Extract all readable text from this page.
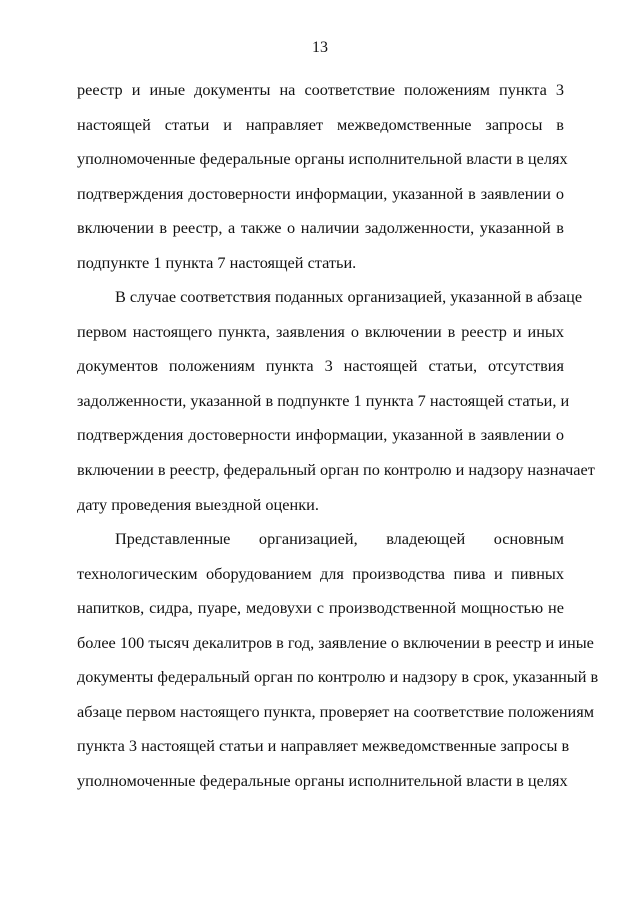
13
реестр и иные документы на соответствие положениям пункта 3
настоящей статьи и направляет межведомственные запросы в
уполномоченные федеральные органы исполнительной власти в целях
подтверждения достоверности информации, указанной в заявлении о
включении в реестр, а также о наличии задолженности, указанной в
подпункте 1 пункта 7 настоящей статьи.
В случае соответствия поданных организацией, указанной в абзаце
первом настоящего пункта, заявления о включении в реестр и иных
документов положениям пункта 3 настоящей статьи, отсутствия
задолженности, указанной в подпункте 1 пункта 7 настоящей статьи, и
подтверждения достоверности информации, указанной в заявлении о
включении в реестр, федеральный орган по контролю и надзору назначает
дату проведения выездной оценки.
Представленные организацией, владеющей основным
технологическим оборудованием для производства пива и пивных
напитков, сидра, пуаре, медовухи с производственной мощностью не
более 100 тысяч декалитров в год, заявление о включении в реестр и иные
документы федеральный орган по контролю и надзору в срок, указанный в
абзаце первом настоящего пункта, проверяет на соответствие положениям
пункта 3 настоящей статьи и направляет межведомственные запросы в
уполномоченные федеральные органы исполнительной власти в целях
